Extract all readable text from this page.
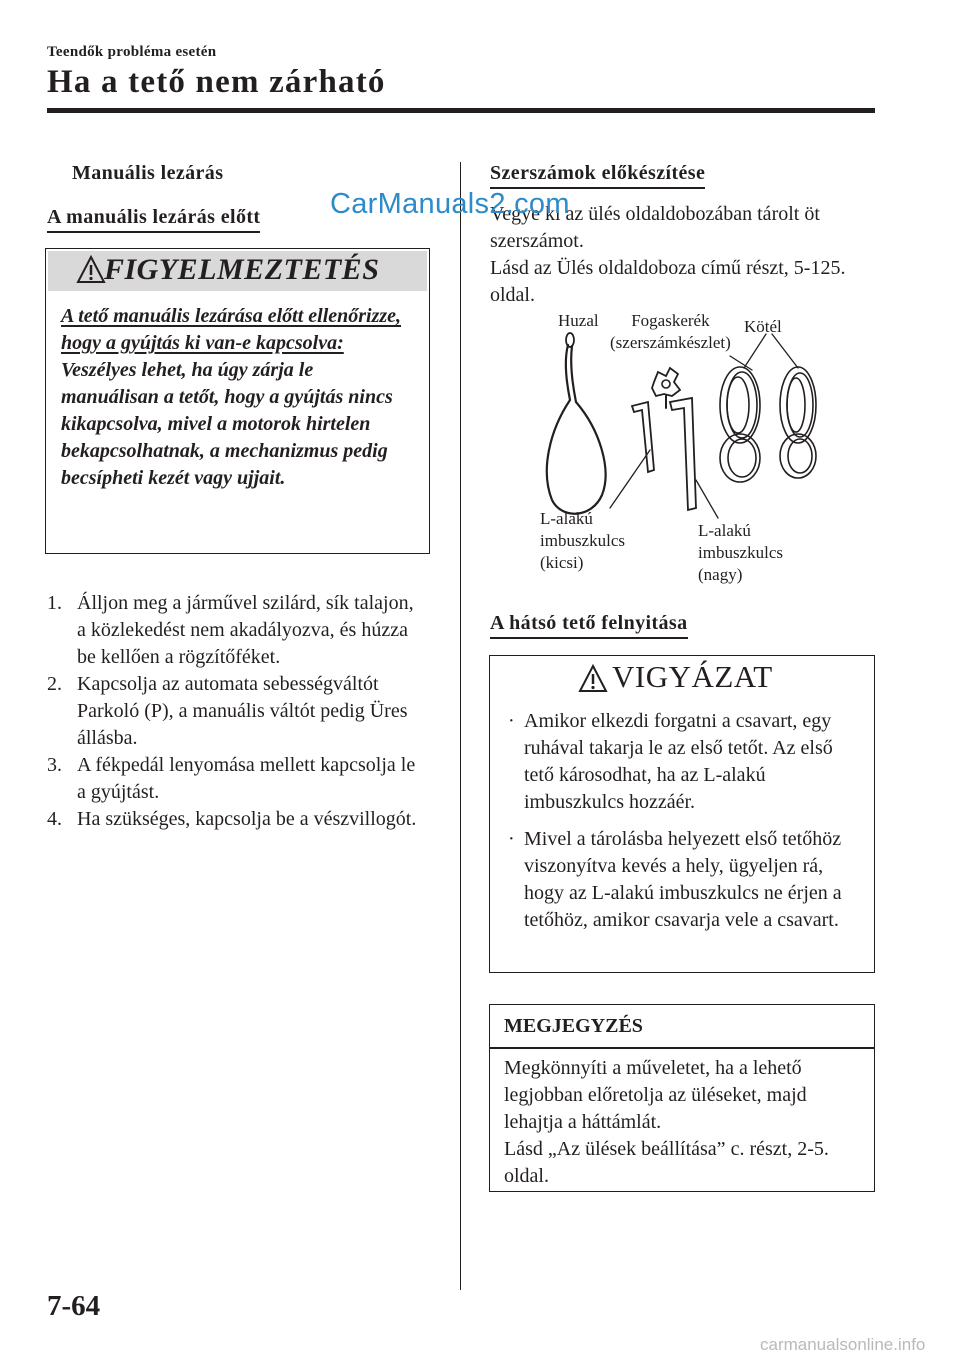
Teendők probléma esetén
Ha a tető nem zárható
Manuális lezárás
A manuális lezárás előtt
FIGYELMEZTETÉS
A tető manuális lezárása előtt ellenőrizze, hogy a gyújtás ki van-e kapcsolva:
Veszélyes lehet, ha úgy zárja le manuálisan a tetőt, hogy a gyújtás nincs kikapcsolva, mivel a motorok hirtelen bekapcsolhatnak, a mechanizmus pedig becsípheti kezét vagy ujjait.
1. Álljon meg a járművel szilárd, sík talajon, a közlekedést nem akadályozva, és húzza be kellően a rögzítőféket.
2. Kapcsolja az automata sebességváltót Parkoló (P), a manuális váltót pedig Üres állásba.
3. A fékpedál lenyomása mellett kapcsolja le a gyújtást.
4. Ha szükséges, kapcsolja be a vészvillogót.
Szerszámok előkészítése
Vegye ki az ülés oldaldobozában tárolt öt szerszámot.
Lásd az Ülés oldaldoboza című részt, 5-125. oldal.
Huzal	Fogaskerék
(szerszámkészlet)
Kötél
L-alakú
imbuszkulcs
(kicsi)
L-alakú
imbuszkulcs
(nagy)
A hátsó tető felnyitása
VIGYÁZAT
· Amikor elkezdi forgatni a csavart, egy ruhával takarja le az első tetőt. Az első tető károsodhat, ha az L-alakú imbuszkulcs hozzáér.
· Mivel a tárolásba helyezett első tetőhöz viszonyítva kevés a hely, ügyeljen rá, hogy az L-alakú imbuszkulcs ne érjen a tetőhöz, amikor csavarja vele a csavart.
MEGJEGYZÉS
Megkönnyíti a műveletet, ha a lehető legjobban előretolja az üléseket, majd lehajtja a háttámlát.
Lásd „Az ülések beállítása” c. részt, 2-5. oldal.
7-64
CarManuals2.com
carmanualsonline.info
